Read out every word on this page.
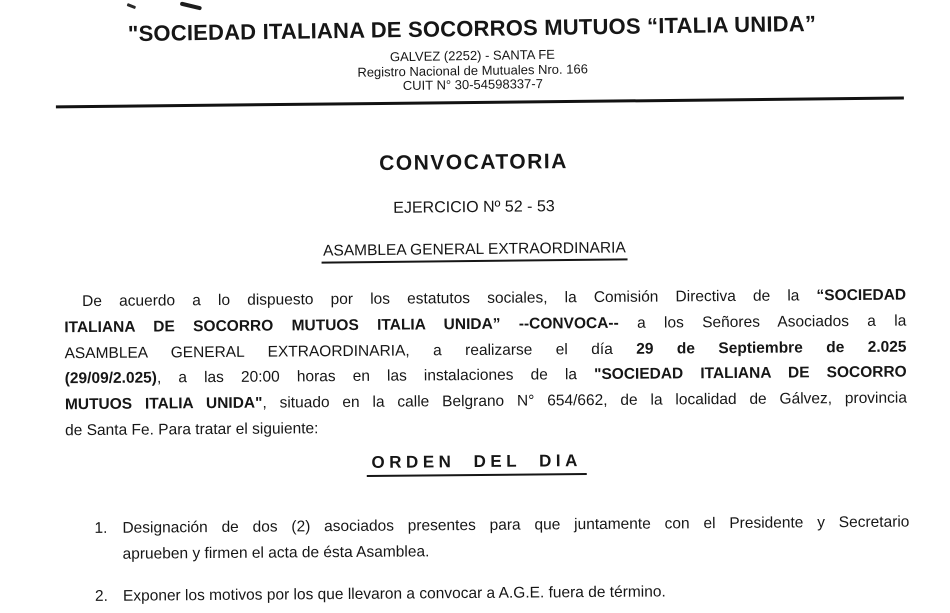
"SOCIEDAD ITALIANA DE SOCORROS MUTUOS “ITALIA UNIDA”
GALVEZ (2252) - SANTA FE
Registro Nacional de Mutuales Nro. 166
CUIT N° 30-54598337-7
CONVOCATORIA
EJERCICIO Nº 52 - 53
ASAMBLEA GENERAL EXTRAORDINARIA
De acuerdo a lo dispuesto por los estatutos sociales, la Comisión Directiva de la “SOCIEDAD
ITALIANA DE SOCORRO MUTUOS ITALIA UNIDA” --CONVOCA-- a los Señores Asociados a la
ASAMBLEA GENERAL EXTRAORDINARIA, a realizarse el día 29 de Septiembre de 2.025
(29/09/2.025), a las 20:00 horas en las instalaciones de la "SOCIEDAD ITALIANA DE SOCORRO
MUTUOS ITALIA UNIDA", situado en la calle Belgrano N° 654/662, de la localidad de Gálvez, provincia
de Santa Fe. Para tratar el siguiente:
ORDEN DEL DIA
1. Designación de dos (2) asociados presentes para que juntamente con el Presidente y Secretario
aprueben y firmen el acta de ésta Asamblea.
2. Exponer los motivos por los que llevaron a convocar a A.G.E. fuera de término.
